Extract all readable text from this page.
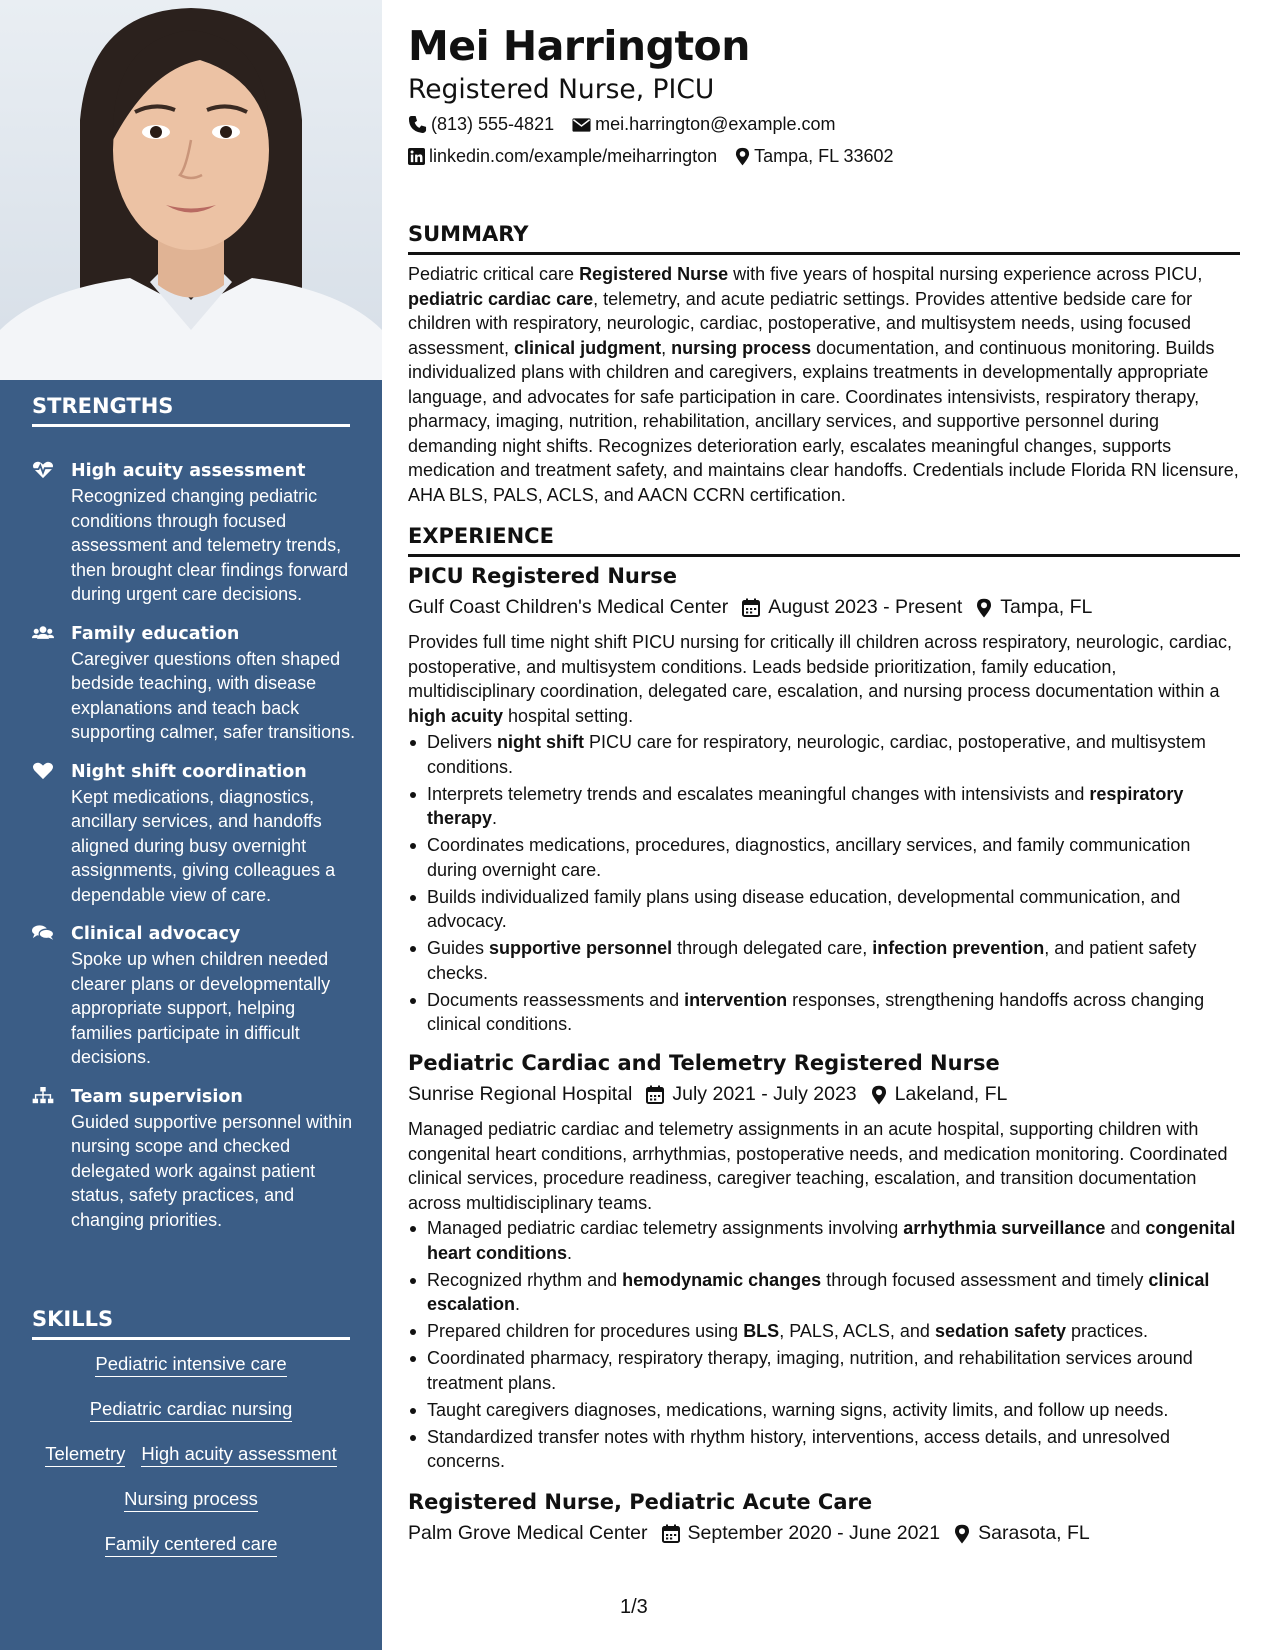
STRENGTHS
High acuity assessment
Recognized changing pediatric conditions through focused assessment and telemetry trends, then brought clear findings forward during urgent care decisions.
Family education
Caregiver questions often shaped bedside teaching, with disease explanations and teach back supporting calmer, safer transitions.
Night shift coordination
Kept medications, diagnostics, ancillary services, and handoffs aligned during busy overnight assignments, giving colleagues a dependable view of care.
Clinical advocacy
Spoke up when children needed clearer plans or developmentally appropriate support, helping families participate in difficult decisions.
Team supervision
Guided supportive personnel within nursing scope and checked delegated work against patient status, safety practices, and changing priorities.
SKILLS
Pediatric intensive care
Pediatric cardiac nursing
Telemetry High acuity assessment
Nursing process
Family centered care
Mei Harrington
Registered Nurse, PICU
(813) 555-4821 mei.harrington@example.com
linkedin.com/example/meiharrington Tampa, FL 33602
SUMMARY
Pediatric critical care Registered Nurse with five years of hospital nursing experience across PICU, pediatric cardiac care, telemetry, and acute pediatric settings. Provides attentive bedside care for children with respiratory, neurologic, cardiac, postoperative, and multisystem needs, using focused assessment, clinical judgment, nursing process documentation, and continuous monitoring. Builds individualized plans with children and caregivers, explains treatments in developmentally appropriate language, and advocates for safe participation in care. Coordinates intensivists, respiratory therapy, pharmacy, imaging, nutrition, rehabilitation, ancillary services, and supportive personnel during demanding night shifts. Recognizes deterioration early, escalates meaningful changes, supports medication and treatment safety, and maintains clear handoffs. Credentials include Florida RN licensure, AHA BLS, PALS, ACLS, and AACN CCRN certification.
EXPERIENCE
PICU Registered Nurse
Gulf Coast Children's Medical Center August 2023 - Present Tampa, FL
Provides full time night shift PICU nursing for critically ill children across respiratory, neurologic, cardiac, postoperative, and multisystem conditions. Leads bedside prioritization, family education, multidisciplinary coordination, delegated care, escalation, and nursing process documentation within a high acuity hospital setting.
Delivers night shift PICU care for respiratory, neurologic, cardiac, postoperative, and multisystem conditions.
Interprets telemetry trends and escalates meaningful changes with intensivists and respiratory therapy.
Coordinates medications, procedures, diagnostics, ancillary services, and family communication during overnight care.
Builds individualized family plans using disease education, developmental communication, and advocacy.
Guides supportive personnel through delegated care, infection prevention, and patient safety checks.
Documents reassessments and intervention responses, strengthening handoffs across changing clinical conditions.
Pediatric Cardiac and Telemetry Registered Nurse
Sunrise Regional Hospital July 2021 - July 2023 Lakeland, FL
Managed pediatric cardiac and telemetry assignments in an acute hospital, supporting children with congenital heart conditions, arrhythmias, postoperative needs, and medication monitoring. Coordinated clinical services, procedure readiness, caregiver teaching, escalation, and transition documentation across multidisciplinary teams.
Managed pediatric cardiac telemetry assignments involving arrhythmia surveillance and congenital heart conditions.
Recognized rhythm and hemodynamic changes through focused assessment and timely clinical escalation.
Prepared children for procedures using BLS, PALS, ACLS, and sedation safety practices.
Coordinated pharmacy, respiratory therapy, imaging, nutrition, and rehabilitation services around treatment plans.
Taught caregivers diagnoses, medications, warning signs, activity limits, and follow up needs.
Standardized transfer notes with rhythm history, interventions, access details, and unresolved concerns.
Registered Nurse, Pediatric Acute Care
Palm Grove Medical Center September 2020 - June 2021 Sarasota, FL
1/3
